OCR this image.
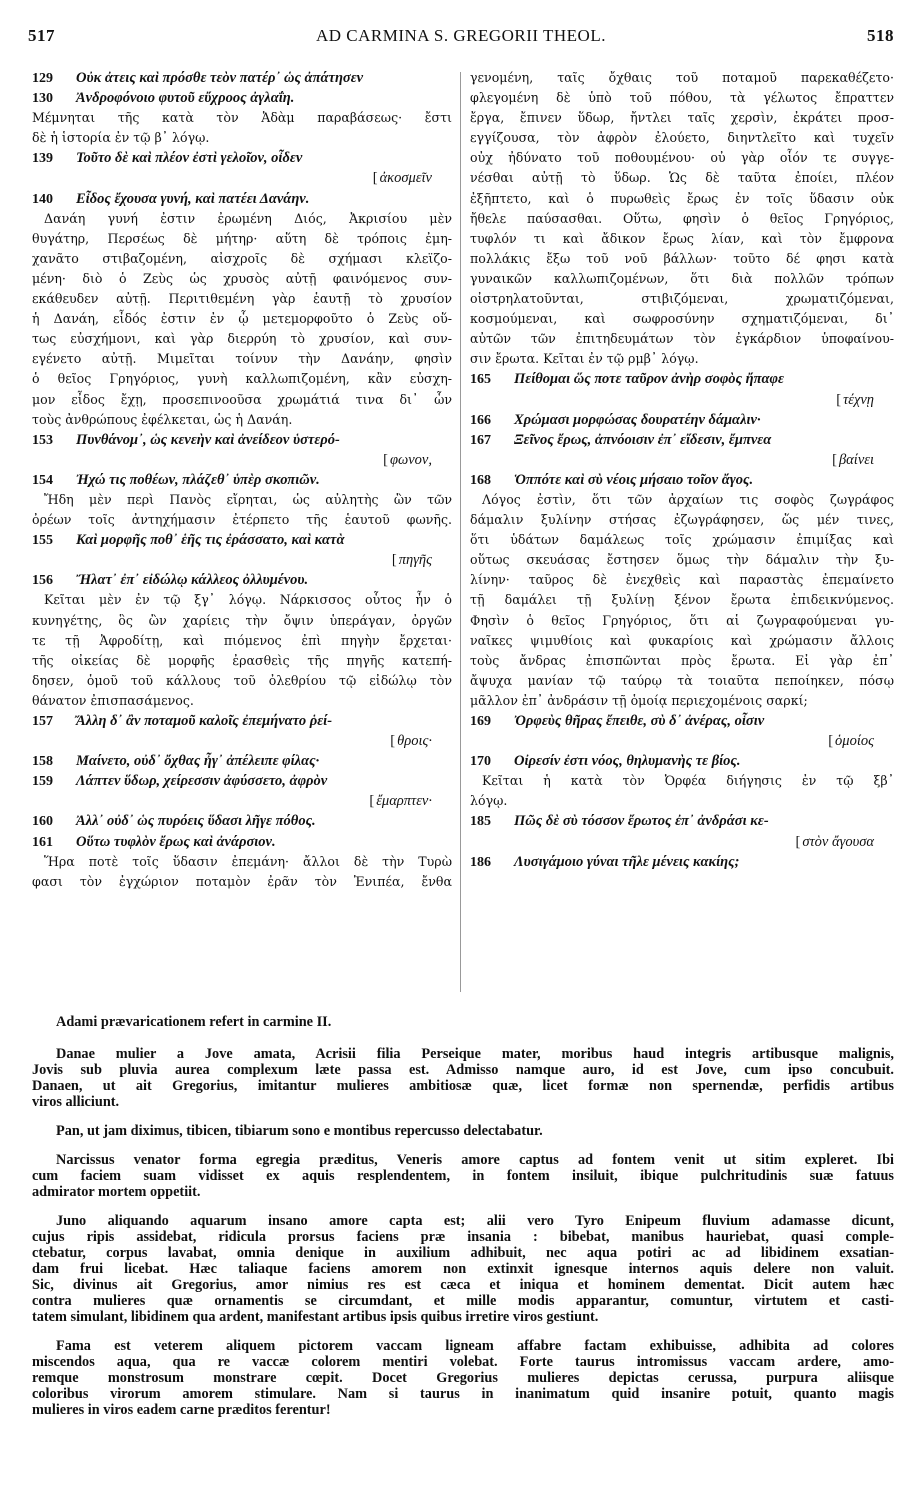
517	AD CARMINA S. GREGORII THEOL.	518
129 Οὐκ ἀτεις καὶ πρόσθε τεὸν πατέρ᾽ ὡς ἀπάτησεν
130 Ἀνδροφόνοιο φυτοῦ εὔχροος ἀγλαΐη.
Μέμνηται τῆς κατὰ τὸν Ἀδὰμ παραβάσεως· ἔστι
δὲ ἡ ἱστορία ἐν τῷ β᾽ λόγῳ.
139 Τοῦτο δὲ καὶ πλέον ἐστὶ γελοῖον, οἶδεν
[ ἀκοσμεῖν
140 Εἶδος ἔχουσα γυνή, καὶ πατέει Δανάην.
Δανάη γυνή ἐστιν ἐρωμένη Διός, Ἀκρισίου μὲν
θυγάτηρ, Περσέως δὲ μήτηρ· αὕτη δὲ τρόποις ἐμη-
χανᾶτο στιβαζομένη, αἰσχροῖς δὲ σχήμασι κλεϊζο-
μένη· διὸ ὁ Ζεὺς ὡς χρυσὸς αὐτῇ φαινόμενος συν-
εκάθευδεν αὐτῇ. Περιτιθεμένη γὰρ ἑαυτῇ τὸ χρυσίον
ἡ Δανάη, εἶδός ἐστιν ἐν ᾧ μετεμορφοῦτο ὁ Ζεὺς οὕ-
τως εὐσχήμονι, καὶ γὰρ διερρύη τὸ χρυσίον, καὶ συν-
εγένετο αὐτῇ. Μιμεῖται τοίνυν τὴν Δανάην, φησὶν
ὁ θεῖος Γρηγόριος, γυνὴ καλλωπιζομένη, κἂν εὐσχη-
μον εἶδος ἔχῃ, προσεπινοοῦσα χρωμάτιά τινα δι᾽ ὧν
τοὺς ἀνθρώπους ἐφέλκεται, ὡς ἡ Δανάη.
153 Πυνθάνομ᾽, ὡς κενεὴν καὶ ἀνείδεον ὑστερό-
[ φωνον,
154 Ἠχώ τις ποθέων, πλάζεθ᾽ ὑπὲρ σκοπιῶν.
Ἤδη μὲν περὶ Πανὸς εἴρηται, ὡς αὐλητὴς ὢν τῶν
ὀρέων τοῖς ἀντηχήμασιν ἐτέρπετο τῆς ἑαυτοῦ φωνῆς.
155 Καὶ μορφῆς ποθ᾽ ἑῆς τις ἐράσσατο, καὶ κατὰ
[ πηγῆς
156 Ἤλατ᾽ ἐπ᾽ εἰδώλῳ κάλλεος ὀλλυμένου.
Κεῖται μὲν ἐν τῷ ξγ᾽ λόγῳ. Νάρκισσος οὗτος ἦν ὁ
κυνηγέτης, ὃς ὢν χαρίεις τὴν ὄψιν ὑπεράγαν, ὀργῶν
τε τῇ Ἀφροδίτῃ, καὶ πιόμενος ἐπὶ πηγὴν ἔρχεται·
τῆς οἰκείας δὲ μορφῆς ἐρασθεὶς τῆς πηγῆς κατεπή-
δησεν, ὁμοῦ τοῦ κάλλους τοῦ ὀλεθρίου τῷ εἰδώλῳ τὸν
θάνατον ἐπισπασάμενος.
157 Ἄλλη δ᾽ ἂν ποταμοῦ καλοῖς ἐπεμήνατο ῥεί-
[ θροις·
158 Μαίνετο, οὐδ᾽ ὄχθας ἦγ᾽ ἀπέλειπε φίλας·
159 Λάπτεν ὕδωρ, χείρεσσιν ἀφύσσετο, ἀφρὸν
[ ἔμαρπτεν·
160 Ἀλλ᾽ οὐδ᾽ ὡς πυρόεις ὕδασι λῆγε πόθος.
161 Οὕτω τυφλὸν ἔρως καὶ ἀνάρσιον.
Ἥρα ποτὲ τοῖς ὕδασιν ἐπεμάνη· ἄλλοι δὲ τὴν Τυρὼ
φασι τὸν ἐγχώριον ποταμὸν ἐρᾶν τὸν Ἐνιπέα, ἔνθα
γενομένη, ταῖς ὄχθαις τοῦ ποταμοῦ παρεκαθέζετο·
φλεγομένη δὲ ὑπὸ τοῦ πόθου, τὰ γέλωτος ἔπραττεν
ἔργα, ἔπινεν ὕδωρ, ἤντλει ταῖς χερσὶν, ἐκράτει προσ-
εγγίζουσα, τὸν ἀφρὸν ἐλούετο, διηντλεῖτο καὶ τυχεῖν
οὐχ ἠδύνατο τοῦ ποθουμένου· οὐ γὰρ οἷόν τε συγγε-
νέσθαι αὐτῇ τὸ ὕδωρ. Ὡς δὲ ταῦτα ἐποίει, πλέον
ἐξῆπτετο, καὶ ὁ πυρωθεὶς ἔρως ἐν τοῖς ὕδασιν οὐκ
ἤθελε παύσασθαι. Οὕτω, φησὶν ὁ θεῖος Γρηγόριος,
τυφλόν τι καὶ ἄδικον ἔρως λίαν, καὶ τὸν ἔμφρονα
πολλάκις ἔξω τοῦ νοῦ βάλλων· τοῦτο δέ φησι κατὰ
γυναικῶν καλλωπιζομένων, ὅτι διὰ πολλῶν τρόπων
οἰστρηλατοῦνται, στιβιζόμεναι, χρωματιζόμεναι,
κοσμούμεναι, καὶ σωφροσύνην σχηματιζόμεναι, δι᾽
αὐτῶν τῶν ἐπιτηδευμάτων τὸν ἐγκάρδιον ὑποφαίνου-
σιν ἔρωτα. Κεῖται ἐν τῷ ρμβ᾽ λόγῳ.
165 Πείθομαι ὥς ποτε ταῦρον ἀνὴρ σοφὸς ἤπαφε
[ τέχνῃ
166 Χρώμασι μορφώσας δουρατέην δάμαλιν·
167 Ξεῖνος ἔρως, ἀπνόοισιν ἐπ᾽ εἴδεσιν, ἔμπνεα
[ βαίνει
168 Ὁππότε καὶ σὺ νέοις μήσαιο τοῖον ἄγος.
Λόγος ἐστὶν, ὅτι τῶν ἀρχαίων τις σοφὸς ζωγράφος
δάμαλιν ξυλίνην στήσας ἐζωγράφησεν, ὥς μέν τινες,
ὅτι ὑδάτων δαμάλεως τοῖς χρώμασιν ἐπιμίξας καὶ
οὕτως σκευάσας ἔστησεν ὅμως τὴν δάμαλιν τὴν ξυ-
λίνην· ταῦρος δὲ ἐνεχθεὶς καὶ παραστὰς ἐπεμαίνετο
τῇ δαμάλει τῇ ξυλίνῃ ξένον ἔρωτα ἐπιδεικνύμενος.
Φησὶν ὁ θεῖος Γρηγόριος, ὅτι αἱ ζωγραφούμεναι γυ-
ναῖκες ψιμυθίοις καὶ φυκαρίοις καὶ χρώμασιν ἄλλοις
τοὺς ἄνδρας ἐπισπῶνται πρὸς ἔρωτα. Εἰ γὰρ ἐπ᾽
ἄψυχα μανίαν τῷ ταύρῳ τὰ τοιαῦτα πεποίηκεν, πόσῳ
μᾶλλον ἐπ᾽ ἀνδράσιν τῇ ὁμοίᾳ περιεχομένοις σαρκί;
169 Ὀρφεὺς θῆρας ἔπειθε, σὺ δ᾽ ἀνέρας, οἷσιν
[ ὁμοίος
170 Οἰρεσίν ἐστι νόος, θηλυμανὴς τε βίος.
Κεῖται ἡ κατὰ τὸν Ὀρφέα διήγησις ἐν τῷ ξβ᾽
λόγῳ.
185 Πῶς δὲ σὺ τόσσον ἔρωτος ἐπ᾽ ἀνδράσι κε-
[ στὸν ἄγουσα
186 Λυσιγάμοιο γύναι τῆλε μένεις κακίης;
Adami prævaricationem refert in carmine II.
Danae mulier a Jove amata, Acrisii filia Perseique mater, moribus haud integris artibusque malignis,
Jovis sub pluvia aurea complexum læte passa est. Admisso namque auro, id est Jove, cum ipso concubuit.
Danaen, ut ait Gregorius, imitantur mulieres ambitiosæ quæ, licet formæ non spernendæ, perfidis artibus
viros alliciunt.
Pan, ut jam diximus, tibicen, tibiarum sono e montibus repercusso delectabatur.
Narcissus venator forma egregia præditus, Veneris amore captus ad fontem venit ut sitim expleret. Ibi
cum faciem suam vidisset ex aquis resplendentem, in fontem insiluit, ibique pulchritudinis suæ fatuus
admirator mortem oppetiit.
Juno aliquando aquarum insano amore capta est; alii vero Tyro Enipeum fluvium adamasse dicunt,
cujus ripis assidebat, ridicula prorsus faciens præ insania : bibebat, manibus hauriebat, quasi comple-
ctebatur, corpus lavabat, omnia denique in auxilium adhibuit, nec aqua potiri ac ad libidinem exsatian-
dam frui licebat. Hæc taliaque faciens amorem non extinxit ignesque internos aquis delere non valuit.
Sic, divinus ait Gregorius, amor nimius res est cæca et iniqua et hominem dementat. Dicit autem hæc
contra mulieres quæ ornamentis se circumdant, et mille modis apparantur, comuntur, virtutem et casti-
tatem simulant, libidinem qua ardent, manifestant artibus ipsis quibus irretire viros gestiunt.
Fama est veterem aliquem pictorem vaccam ligneam affabre factam exhibuisse, adhibita ad colores
miscendos aqua, qua re vaccæ colorem mentiri volebat. Forte taurus intromissus vaccam ardere, amo-
remque monstrosum monstrare cœpit. Docet Gregorius mulieres depictas cerussa, purpura aliisque
coloribus virorum amorem stimulare. Nam si taurus in inanimatum quid insanire potuit, quanto magis
mulieres in viros eadem carne præditos ferentur!
